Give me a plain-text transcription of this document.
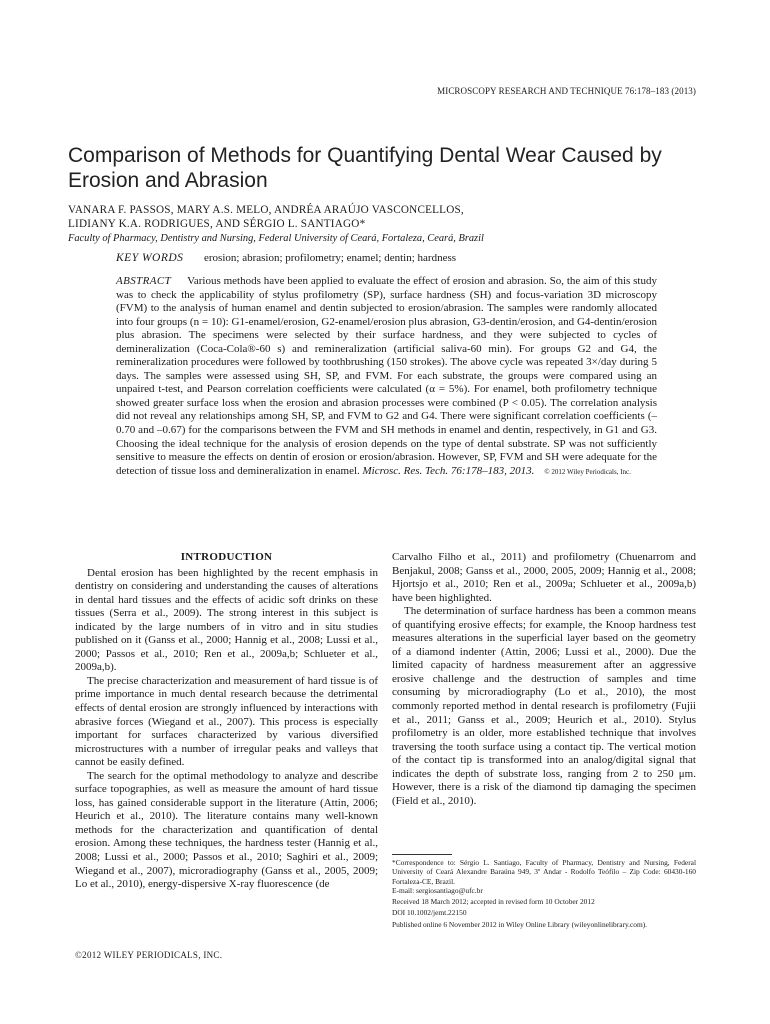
MICROSCOPY RESEARCH AND TECHNIQUE 76:178–183 (2013)
Comparison of Methods for Quantifying Dental Wear Caused by Erosion and Abrasion
VANARA F. PASSOS, MARY A.S. MELO, ANDRÉA ARAÚJO VASCONCELLOS,
LIDIANY K.A. RODRIGUES, AND SÉRGIO L. SANTIAGO*
Faculty of Pharmacy, Dentistry and Nursing, Federal University of Ceará, Fortaleza, Ceará, Brazil
KEY WORDS erosion; abrasion; profilometry; enamel; dentin; hardness
ABSTRACT Various methods have been applied to evaluate the effect of erosion and abrasion. So, the aim of this study was to check the applicability of stylus profilometry (SP), surface hardness (SH) and focus-variation 3D microscopy (FVM) to the analysis of human enamel and dentin subjected to erosion/abrasion. The samples were randomly allocated into four groups (n = 10): G1-enamel/erosion, G2-enamel/erosion plus abrasion, G3-dentin/erosion, and G4-dentin/erosion plus abrasion. The specimens were selected by their surface hardness, and they were subjected to cycles of demineralization (Coca-Cola®-60 s) and remineralization (artificial saliva-60 min). For groups G2 and G4, the remineralization procedures were followed by toothbrushing (150 strokes). The above cycle was repeated 3×/day during 5 days. The samples were assessed using SH, SP, and FVM. For each substrate, the groups were compared using an unpaired t-test, and Pearson correlation coefficients were calculated (α = 5%). For enamel, both profilometry technique showed greater surface loss when the erosion and abrasion processes were combined (P < 0.05). The correlation analysis did not reveal any relationships among SH, SP, and FVM to G2 and G4. There were significant correlation coefficients (–0.70 and –0.67) for the comparisons between the FVM and SH methods in enamel and dentin, respectively, in G1 and G3. Choosing the ideal technique for the analysis of erosion depends on the type of dental substrate. SP was not sufficiently sensitive to measure the effects on dentin of erosion or erosion/abrasion. However, SP, FVM and SH were adequate for the detection of tissue loss and demineralization in enamel. Microsc. Res. Tech. 76:178–183, 2013. © 2012 Wiley Periodicals, Inc.
INTRODUCTION

Dental erosion has been highlighted by the recent emphasis in dentistry on considering and understanding the causes of alterations in dental hard tissues and the effects of acidic soft drinks on these tissues (Serra et al., 2009). The strong interest in this subject is indicated by the large numbers of in vitro and in situ studies published on it (Ganss et al., 2000; Hannig et al., 2008; Lussi et al., 2000; Passos et al., 2010; Ren et al., 2009a,b; Schlueter et al., 2009a,b).

The precise characterization and measurement of hard tissue is of prime importance in much dental research because the detrimental effects of dental erosion are strongly influenced by interactions with abrasive forces (Wiegand et al., 2007). This process is especially important for surfaces characterized by various diversified microstructures with a number of irregular peaks and valleys that cannot be easily defined.

The search for the optimal methodology to analyze and describe surface topographies, as well as measure the amount of hard tissue loss, has gained considerable support in the literature (Attin, 2006; Heurich et al., 2010). The literature contains many well-known methods for the characterization and quantification of dental erosion. Among these techniques, the hardness tester (Hannig et al., 2008; Lussi et al., 2000; Passos et al., 2010; Saghiri et al., 2009; Wiegand et al., 2007), microradiography (Ganss et al., 2005, 2009; Lo et al., 2010), energy-dispersive X-ray fluorescence (de

Carvalho Filho et al., 2011) and profilometry (Chuenarrom and Benjakul, 2008; Ganss et al., 2000, 2005, 2009; Hannig et al., 2008; Hjortsjo et al., 2010; Ren et al., 2009a; Schlueter et al., 2009a,b) have been highlighted.

The determination of surface hardness has been a common means of quantifying erosive effects; for example, the Knoop hardness test measures alterations in the superficial layer based on the geometry of a diamond indenter (Attin, 2006; Lussi et al., 2000). Due the limited capacity of hardness measurement after an aggressive erosive challenge and the destruction of samples and time consuming by microradiography (Lo et al., 2010), the most commonly reported method in dental research is profilometry (Fujii et al., 2011; Ganss et al., 2009; Heurich et al., 2010). Stylus profilometry is an older, more established technique that involves traversing the tooth surface using a contact tip. The vertical motion of the contact tip is transformed into an analog/digital signal that indicates the depth of substrate loss, ranging from 2 to 250 μm. However, there is a risk of the diamond tip damaging the specimen (Field et al., 2010).

*Correspondence to: Sérgio L. Santiago, Faculty of Pharmacy, Dentistry and Nursing, Federal University of Ceará Alexandre Baraúna 949, 3º Andar - Rodolfo Teófilo – Zip Code: 60430-160 Fortaleza-CE, Brazil.
E-mail: sergiosantiago@ufc.br
Received 18 March 2012; accepted in revised form 10 October 2012
DOI 10.1002/jemt.22150
Published online 6 November 2012 in Wiley Online Library (wileyonlinelibrary.com).
©2012 WILEY PERIODICALS, INC.
